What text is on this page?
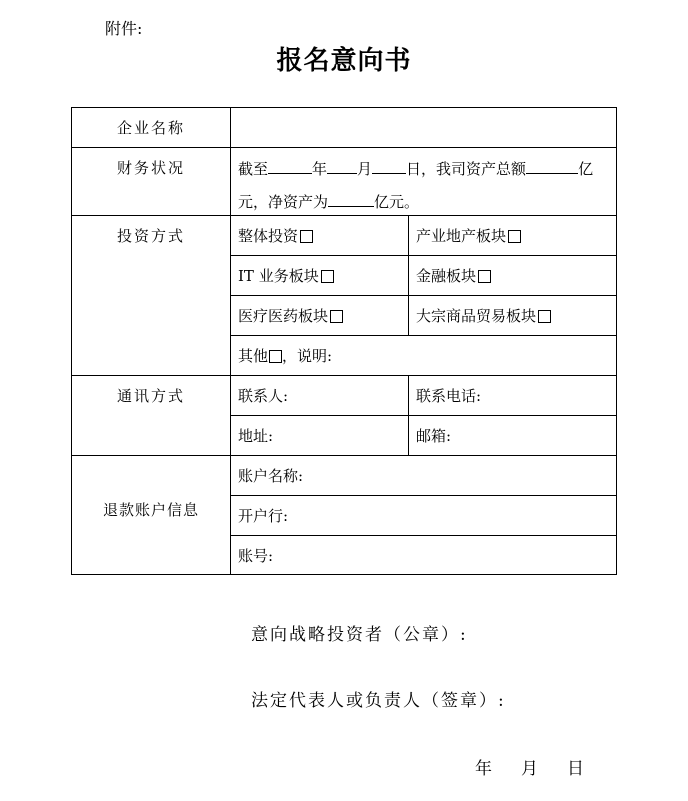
附件:
报名意向书
企业名称
财务状况	截至	年 月 日，我司资产总额	亿
元，净资产为	亿元。
投资方式	整体投资	产业地产板块
IT 业务板块	金融板块
医疗医药板块	大宗商品贸易板块
其他 ，说明:
通讯方式	联系人:	联系电话:
地址:	邮箱:
退款账户信息
账户名称:
开户行:
账号:
意向战略投资者（公章）:
法定代表人或负责人（签章）:
年 月 日
